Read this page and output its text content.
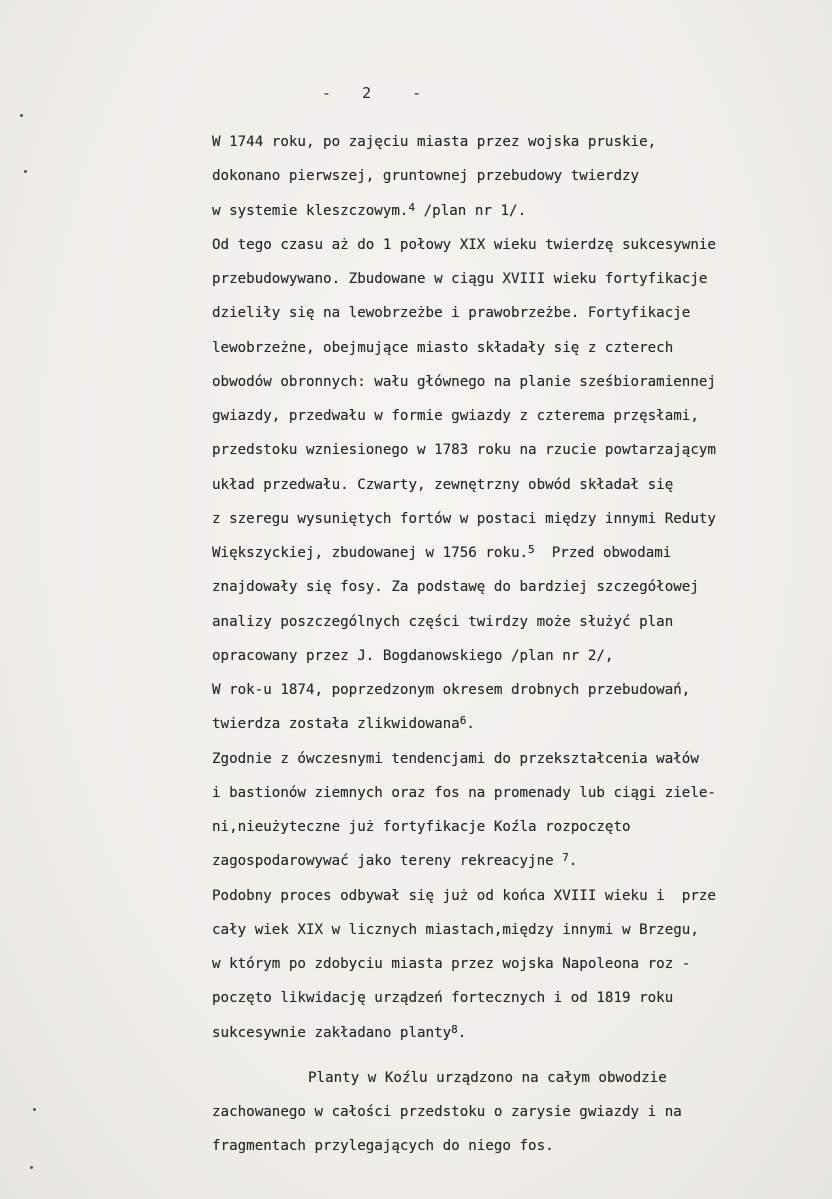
-   2    -
W 1744 roku, po zajęciu miasta przez wojska pruskie,
dokonano pierwszej, gruntownej przebudowy twierdzy
w systemie kleszczowym.$^4$ /plan nr 1/.
Od tego czasu aż do 1 połowy XIX wieku twierdzę sukcesywnie
przebudowywano. Zbudowane w ciągu XVIII wieku fortyfikacje
dzieliły się na lewobrzeżbe i prawobrzeżbe. Fortyfikacje
lewobrzeżne, obejmujące miasto składały się z czterech
obwodów obronnych: wału głównego na planie sześbioramiennej
gwiazdy, przedwału w formie gwiazdy z czterema przęsłami,
przedstoku wzniesionego w 1783 roku na rzucie powtarzającym
układ przedwału. Czwarty, zewnętrzny obwód składał się
z szeregu wysuniętych fortów w postaci między innymi Reduty
Większyckiej, zbudowanej w 1756 roku.$^5$  Przed obwodami
znajdowały się fosy. Za podstawę do bardziej szczegółowej
analizy poszczególnych części twirdzy może służyć plan
opracowany przez J. Bogdanowskiego /plan nr 2/,
W rok-u 1874, poprzedzonym okresem drobnych przebudowań,
twierdza została zlikwidowana$^6$.
Zgodnie z ówczesnymi tendencjami do przekształcenia wałów
i bastionów ziemnych oraz fos na promenady lub ciągi ziele-
ni,nieużyteczne już fortyfikacje Koźla rozpoczęto
zagospodarowywać jako tereny rekreacyjne $^7$.
Podobny proces odbywał się już od końca XVIII wieku i  prze
cały wiek XIX w licznych miastach,między innymi w Brzegu,
w którym po zdobyciu miasta przez wojska Napoleona roz -
poczęto likwidację urządzeń fortecznych i od 1819 roku
sukcesywnie zakładano planty$^8$.
Planty w Koźlu urządzono na całym obwodzie
zachowanego w całości przedstoku o zarysie gwiazdy i na
fragmentach przylegających do niego fos.
